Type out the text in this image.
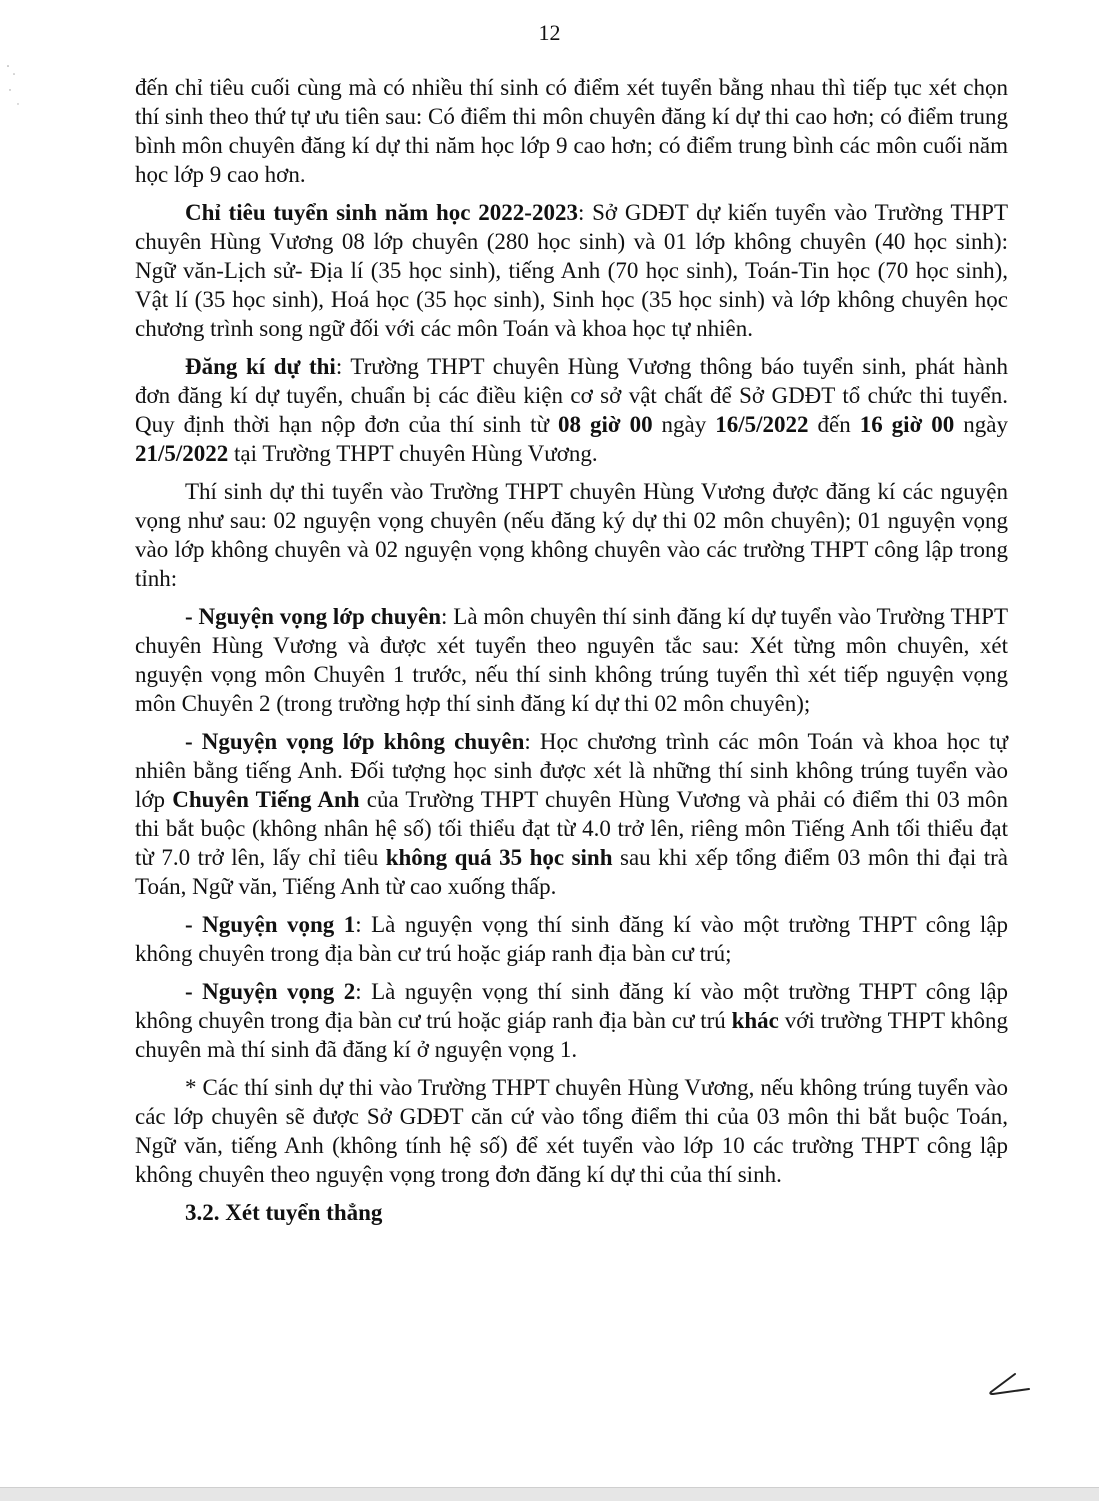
12

đến chỉ tiêu cuối cùng mà có nhiều thí sinh có điểm xét tuyển bằng nhau thì tiếp tục xét chọn thí sinh theo thứ tự ưu tiên sau: Có điểm thi môn chuyên đăng kí dự thi cao hơn; có điểm trung bình môn chuyên đăng kí dự thi năm học lớp 9 cao hơn; có điểm trung bình các môn cuối năm học lớp 9 cao hơn.

Chỉ tiêu tuyển sinh năm học 2022-2023: Sở GDĐT dự kiến tuyển vào Trường THPT chuyên Hùng Vương 08 lớp chuyên (280 học sinh) và 01 lớp không chuyên (40 học sinh): Ngữ văn-Lịch sử- Địa lí (35 học sinh), tiếng Anh (70 học sinh), Toán-Tin học (70 học sinh), Vật lí (35 học sinh), Hoá học (35 học sinh), Sinh học (35 học sinh) và lớp không chuyên học chương trình song ngữ đối với các môn Toán và khoa học tự nhiên.

Đăng kí dự thi: Trường THPT chuyên Hùng Vương thông báo tuyển sinh, phát hành đơn đăng kí dự tuyển, chuẩn bị các điều kiện cơ sở vật chất để Sở GDĐT tổ chức thi tuyển. Quy định thời hạn nộp đơn của thí sinh từ 08 giờ 00 ngày 16/5/2022 đến 16 giờ 00 ngày 21/5/2022 tại Trường THPT chuyên Hùng Vương.

Thí sinh dự thi tuyển vào Trường THPT chuyên Hùng Vương được đăng kí các nguyện vọng như sau: 02 nguyện vọng chuyên (nếu đăng ký dự thi 02 môn chuyên); 01 nguyện vọng vào lớp không chuyên và 02 nguyện vọng không chuyên vào các trường THPT công lập trong tỉnh:

- Nguyện vọng lớp chuyên: Là môn chuyên thí sinh đăng kí dự tuyển vào Trường THPT chuyên Hùng Vương và được xét tuyển theo nguyên tắc sau: Xét từng môn chuyên, xét nguyện vọng môn Chuyên 1 trước, nếu thí sinh không trúng tuyển thì xét tiếp nguyện vọng môn Chuyên 2 (trong trường hợp thí sinh đăng kí dự thi 02 môn chuyên);

- Nguyện vọng lớp không chuyên: Học chương trình các môn Toán và khoa học tự nhiên bằng tiếng Anh. Đối tượng học sinh được xét là những thí sinh không trúng tuyển vào lớp Chuyên Tiếng Anh của Trường THPT chuyên Hùng Vương và phải có điểm thi 03 môn thi bắt buộc (không nhân hệ số) tối thiểu đạt từ 4.0 trở lên, riêng môn Tiếng Anh tối thiểu đạt từ 7.0 trở lên, lấy chỉ tiêu không quá 35 học sinh sau khi xếp tổng điểm 03 môn thi đại trà Toán, Ngữ văn, Tiếng Anh từ cao xuống thấp.

- Nguyện vọng 1: Là nguyện vọng thí sinh đăng kí vào một trường THPT công lập không chuyên trong địa bàn cư trú hoặc giáp ranh địa bàn cư trú;

- Nguyện vọng 2: Là nguyện vọng thí sinh đăng kí vào một trường THPT công lập không chuyên trong địa bàn cư trú hoặc giáp ranh địa bàn cư trú khác với trường THPT không chuyên mà thí sinh đã đăng kí ở nguyện vọng 1.

* Các thí sinh dự thi vào Trường THPT chuyên Hùng Vương, nếu không trúng tuyển vào các lớp chuyên sẽ được Sở GDĐT căn cứ vào tổng điểm thi của 03 môn thi bắt buộc Toán, Ngữ văn, tiếng Anh (không tính hệ số) để xét tuyển vào lớp 10 các trường THPT công lập không chuyên theo nguyện vọng trong đơn đăng kí dự thi của thí sinh.

3.2. Xét tuyển thẳng
